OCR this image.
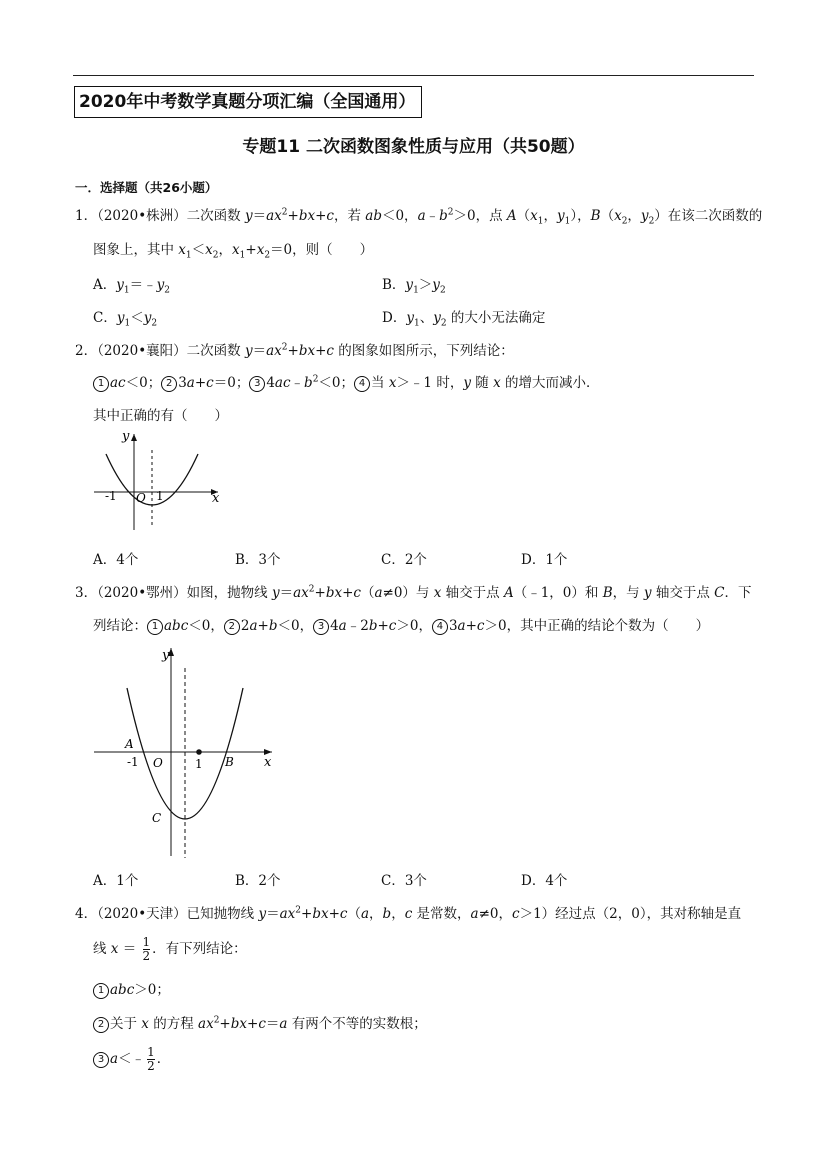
2020年中考数学真题分项汇编（全国通用）
专题11 二次函数图象性质与应用（共50题）
一．选择题（共26小题）
1．（2020•株洲）二次函数 $y=ax^2+bx+c$，若 ab＜0，$a﹣b^2>0$，点 $A(x_1$，$y_1$），$B(x_2$，$y_2$）在该二次函数的
图象上，其中 $x_1<x_2$，$x_1+x_2=0$，则（　　）
A．$y_1=﹣y_2$	B．$y_1>y_2$
C．$y_1<y_2$	D．$y_1$、$y_2$ 的大小无法确定
2．（2020•襄阳）二次函数 $y=ax^2+bx+c$ 的图象如图所示，下列结论：
1 ac＜0； 2 3a+c＝0； 3 $4ac﹣b^2<0$； 4 当 x＞﹣1 时，y 随 x 的增大而减小．
其中正确的有（　　）
y
x
-1 O 1
A．4个	B．3个	C．2个	D．1个
3．（2020•鄂州）如图，抛物线 $y=ax^2+bx+c(a\ne 0)$与 x 轴交于点 A（﹣1，0）和 B，与 y 轴交于点 C．下
列结论： 1 abc＜0， 2 2a+b＜0， 3 4a﹣2b+c＞0， 4 3a+c＞0，其中正确的结论个数为（　　）
y
x
A
-1 O	1 B
C
A．1个	B．2个	C．3个	D．4个
4．（2020•天津）已知抛物线 $y=ax^2+bx+c(a$，b，c 是常数，a≠0，c＞1）经过点（2，0），其对称轴是直
线 $x = \frac{1}{2}$ ．有下列结论：
1 abc＞0；
2 关于 x 的方程 $ax^2+bx+c=a$ 有两个不等的实数根；
3 a＜﹣ $\frac{1}{2}$ ．
